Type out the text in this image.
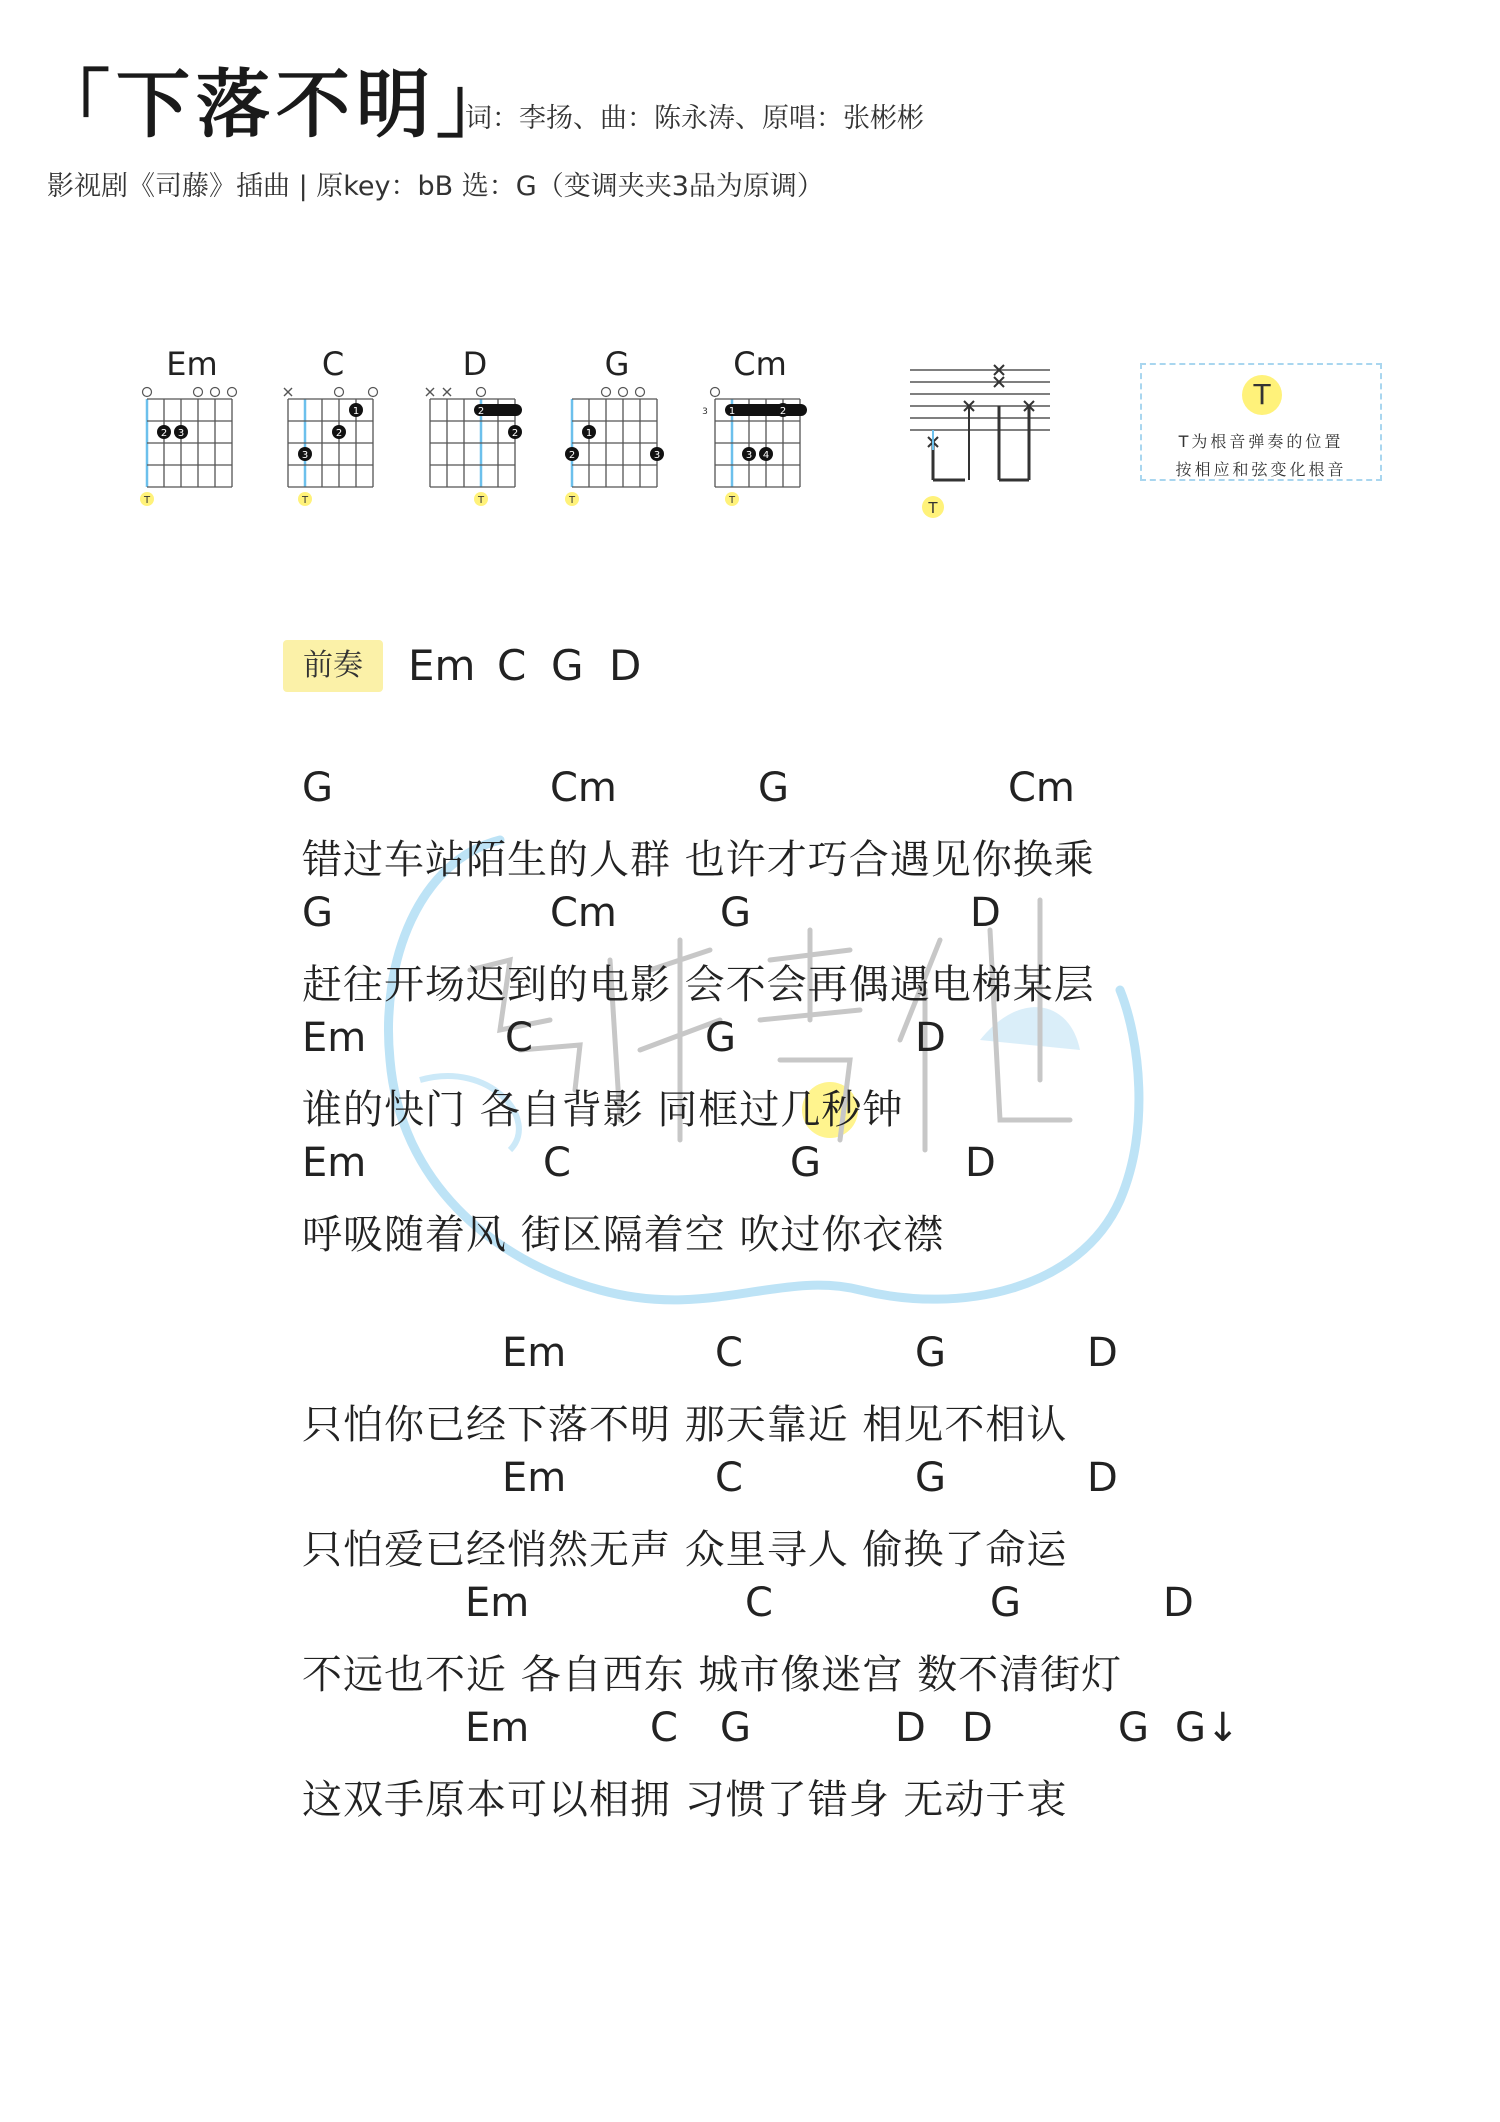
「下落不明」
词：李扬、曲：陈永涛、原唱：张彬彬
影视剧《司藤》插曲 | 原key：bB 选：G（变调夹夹3品为原调）
Em
2 3
T
C
3
2
1
T
D
2
2
T
G
1
2	3
T
Cm
1	2
3 4
3
T	T
T
T为根音弹奏的位置
按相应和弦变化根音
前奏	Em C G D
G	Cm	G	Cm
错过车站陌生的人群 也许才巧合遇见你换乘
G	Cm	G	D
赶往开场迟到的电影 会不会再偶遇电梯某层
Em	C	G	D
谁的快门 各自背影 同框过几秒钟
Em	C	G	D
呼吸随着风 街区隔着空 吹过你衣襟
Em	C	G	D
只怕你已经下落不明 那天靠近 相见不相认
Em	C	G	D
只怕爱已经悄然无声 众里寻人 偷换了命运
Em	C	G	D
不远也不近 各自西东 城市像迷宫 数不清街灯
Em	C G	D D	G G↓
这双手原本可以相拥 习惯了错身 无动于衷
